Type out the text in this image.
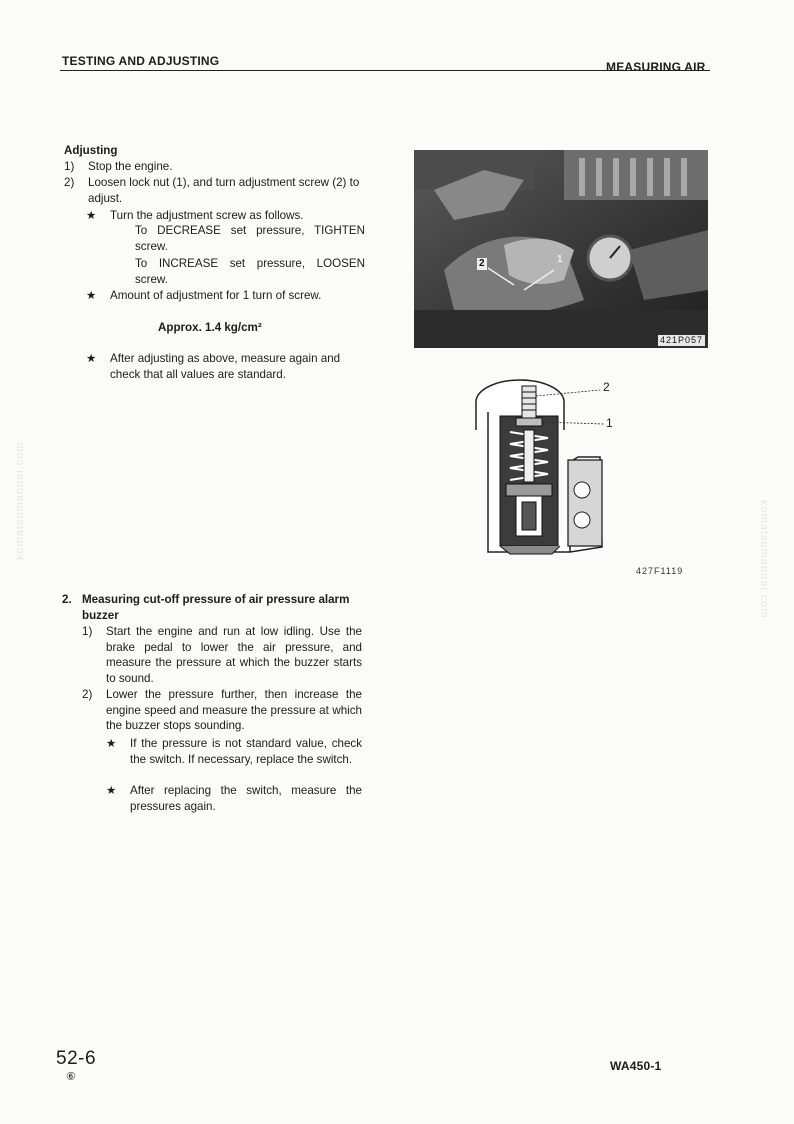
TESTING AND ADJUSTING	MEASURING AIR
komatsumanual.com	komatsumanual.com
Adjusting
1) Stop the engine.
2) Loosen lock nut (1), and turn adjustment screw (2) to adjust.
★ Turn the adjustment screw as follows.
To DECREASE set pressure, TIGHTEN screw.
To INCREASE set pressure, LOOSEN screw.
★ Amount of adjustment for 1 turn of screw.
Approx. 1.4 kg/cm²
★ After adjusting as above, measure again and check that all values are standard.
2	1
421P057
2
1
427F1119
2. Measuring cut-off pressure of air pressure alarm buzzer
1) Start the engine and run at low idling. Use the brake pedal to lower the air pressure, and measure the pressure at which the buzzer starts to sound.
2) Lower the pressure further, then increase the engine speed and measure the pressure at which the buzzer stops sounding.
★ If the pressure is not standard value, check the switch. If necessary, replace the switch.
★ After replacing the switch, measure the pressures again.
52-6
⑥
WA450-1
